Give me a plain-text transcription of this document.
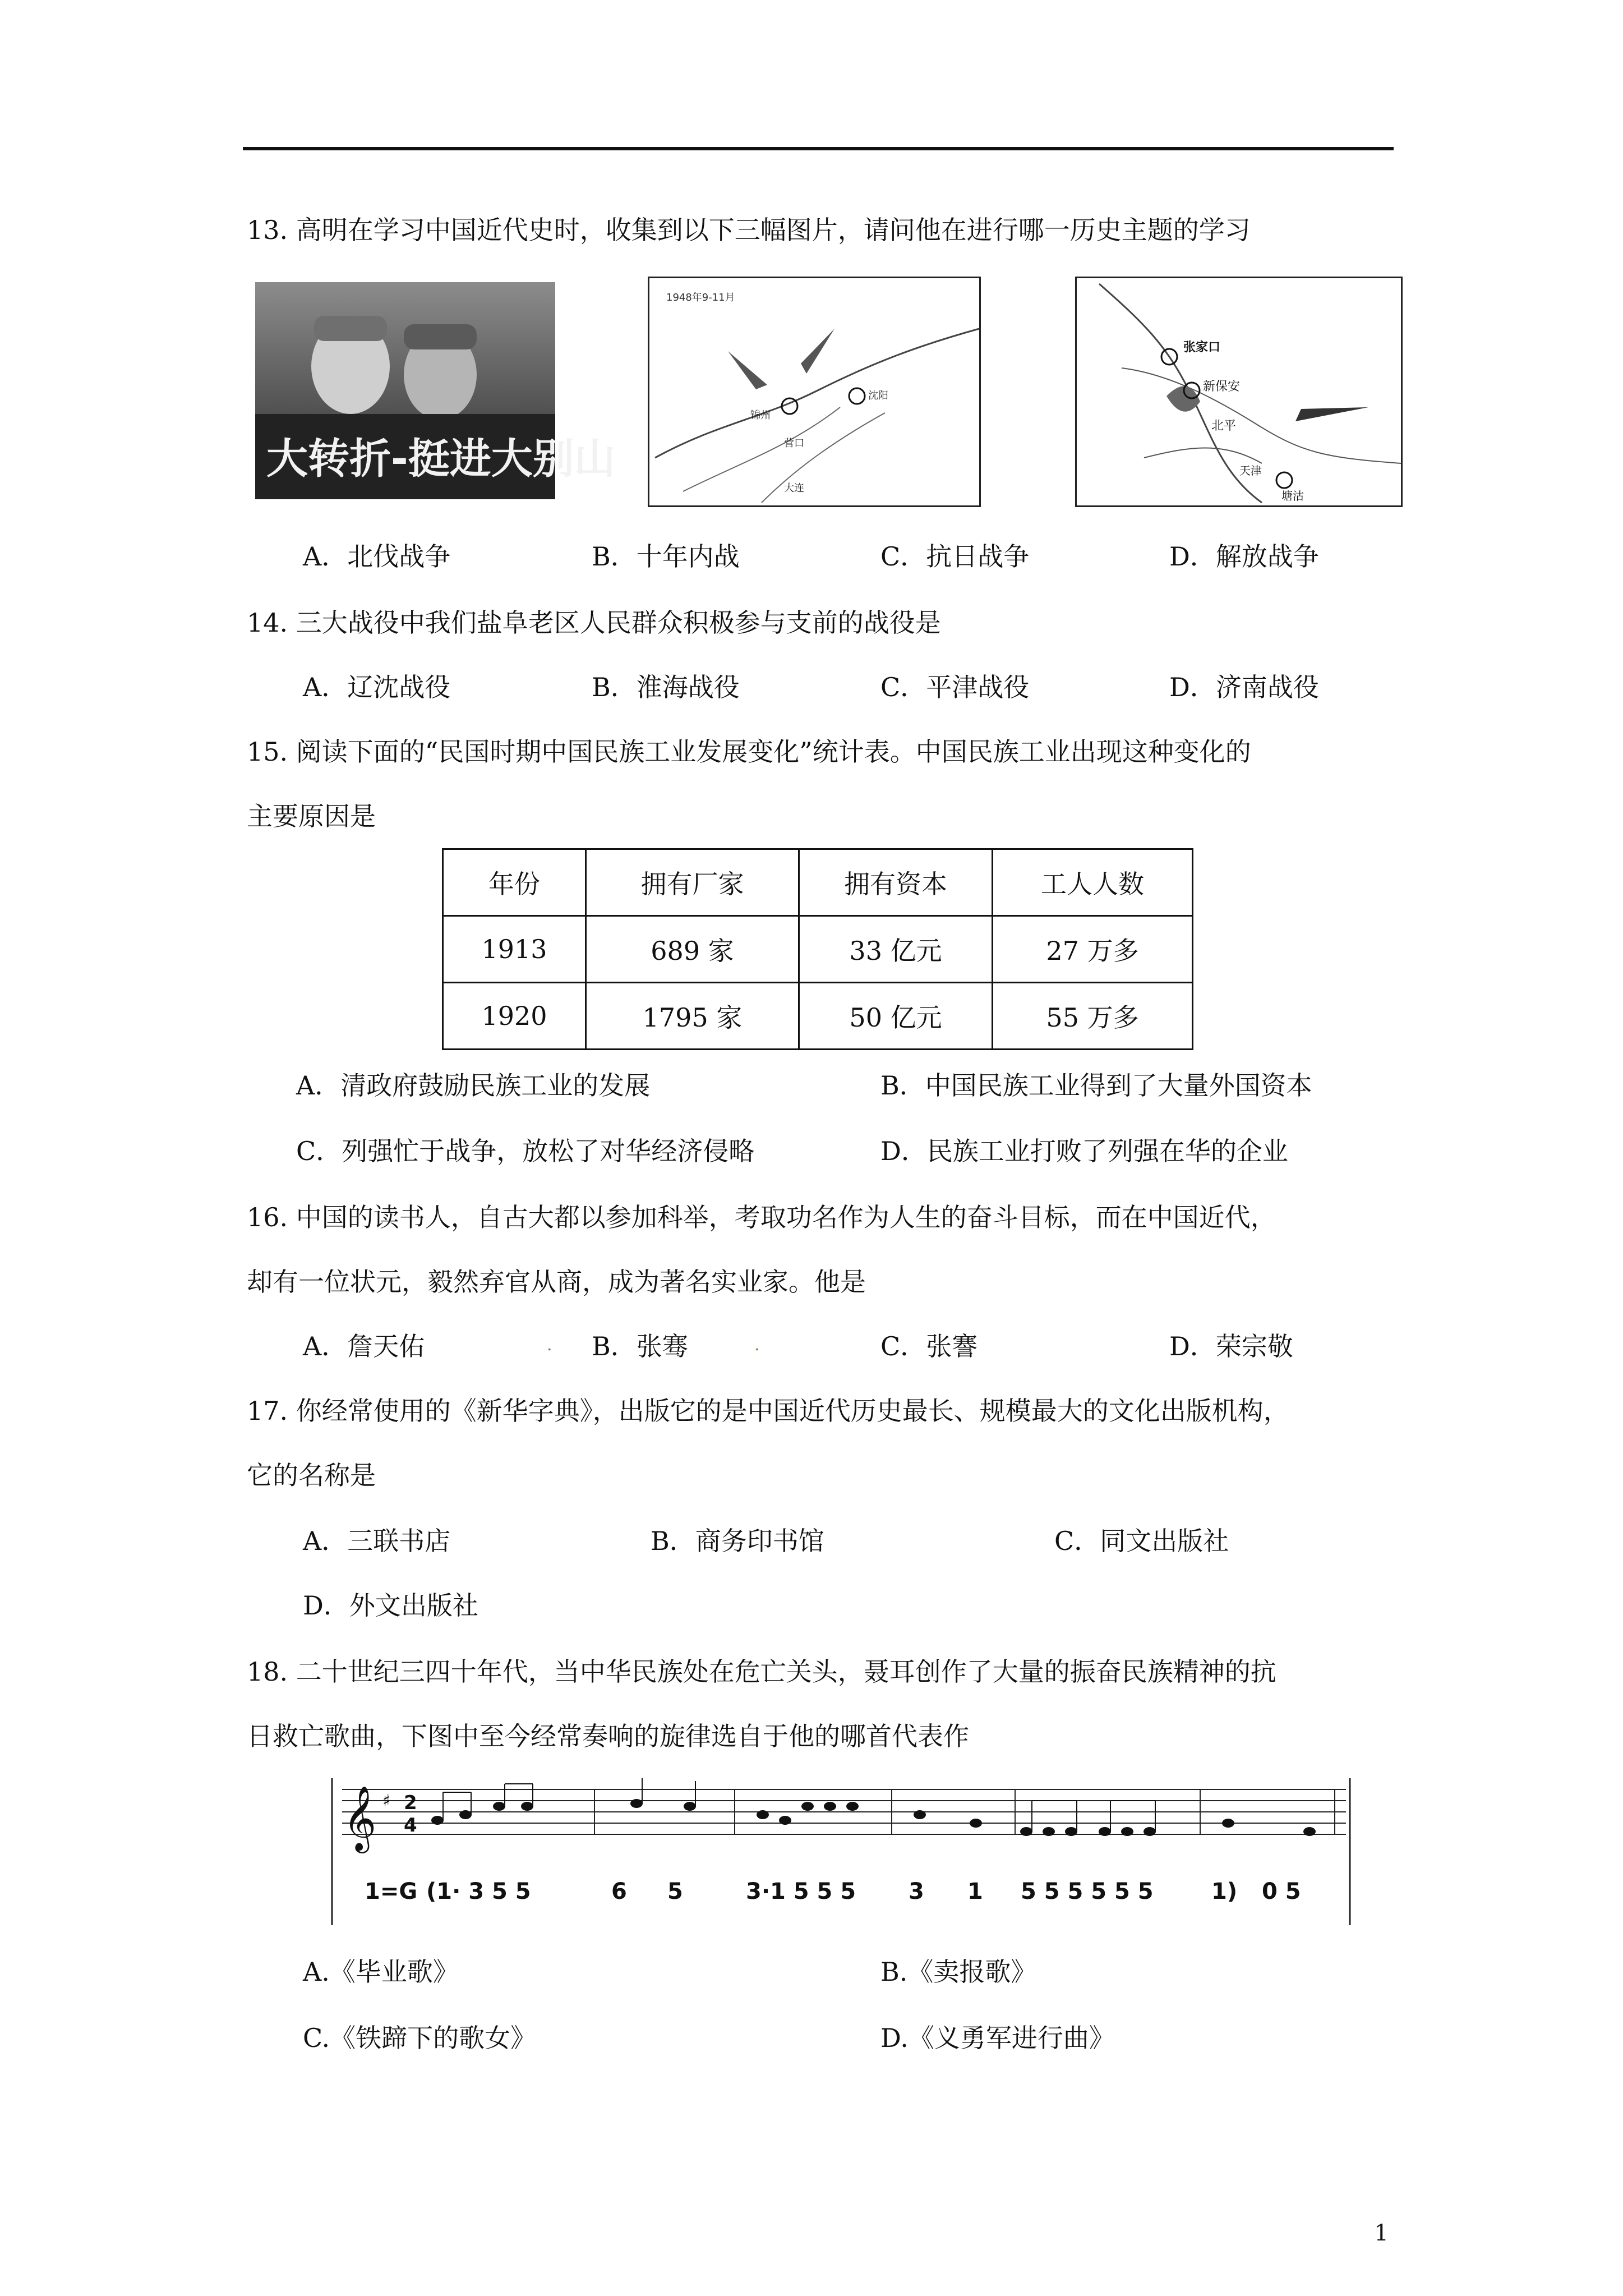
13. 高明在学习中国近代史时，收集到以下三幅图片，请问他在进行哪一历史主题的学习
大转折-挺进大别山
1948年9-11月
锦州
沈阳
营口
大连
张家口
新保安
北平
天津
塘沽
A．北伐战争	B．十年内战	C．抗日战争	D．解放战争
14. 三大战役中我们盐阜老区人民群众积极参与支前的战役是
A．辽沈战役	B．淮海战役	C．平津战役	D．济南战役
15. 阅读下面的“民国时期中国民族工业发展变化”统计表。中国民族工业出现这种变化的
主要原因是
年份	拥有厂家	拥有资本	工人人数
1913	689 家	33 亿元	27 万多
1920	1795 家	50 亿元	55 万多
A．清政府鼓励民族工业的发展	B．中国民族工业得到了大量外国资本
C．列强忙于战争，放松了对华经济侵略	D．民族工业打败了列强在华的企业
16. 中国的读书人，自古大都以参加科举，考取功名作为人生的奋斗目标，而在中国近代，
却有一位状元，毅然弃官从商，成为著名实业家。他是
A．詹天佑	. B．张骞	.	C．张謇	D．荣宗敬
17. 你经常使用的《新华字典》，出版它的是中国近代历史最长、规模最大的文化出版机构，
它的名称是
A．三联书店	B．商务印书馆	C．同文出版社
D．外文出版社
18. 二十世纪三四十年代，当中华民族处在危亡关头，聂耳创作了大量的振奋民族精神的抗
日救亡歌曲，下图中至今经常奏响的旋律选自于他的哪首代表作
𝄞 ♯ 2
4
1=G (1· 3 5 5	6 5	3·1 5 5 5 3 1 5 5 5 5 5 5	1) 0 5
A.《毕业歌》	B.《卖报歌》
C.《铁蹄下的歌女》	D.《义勇军进行曲》
1
